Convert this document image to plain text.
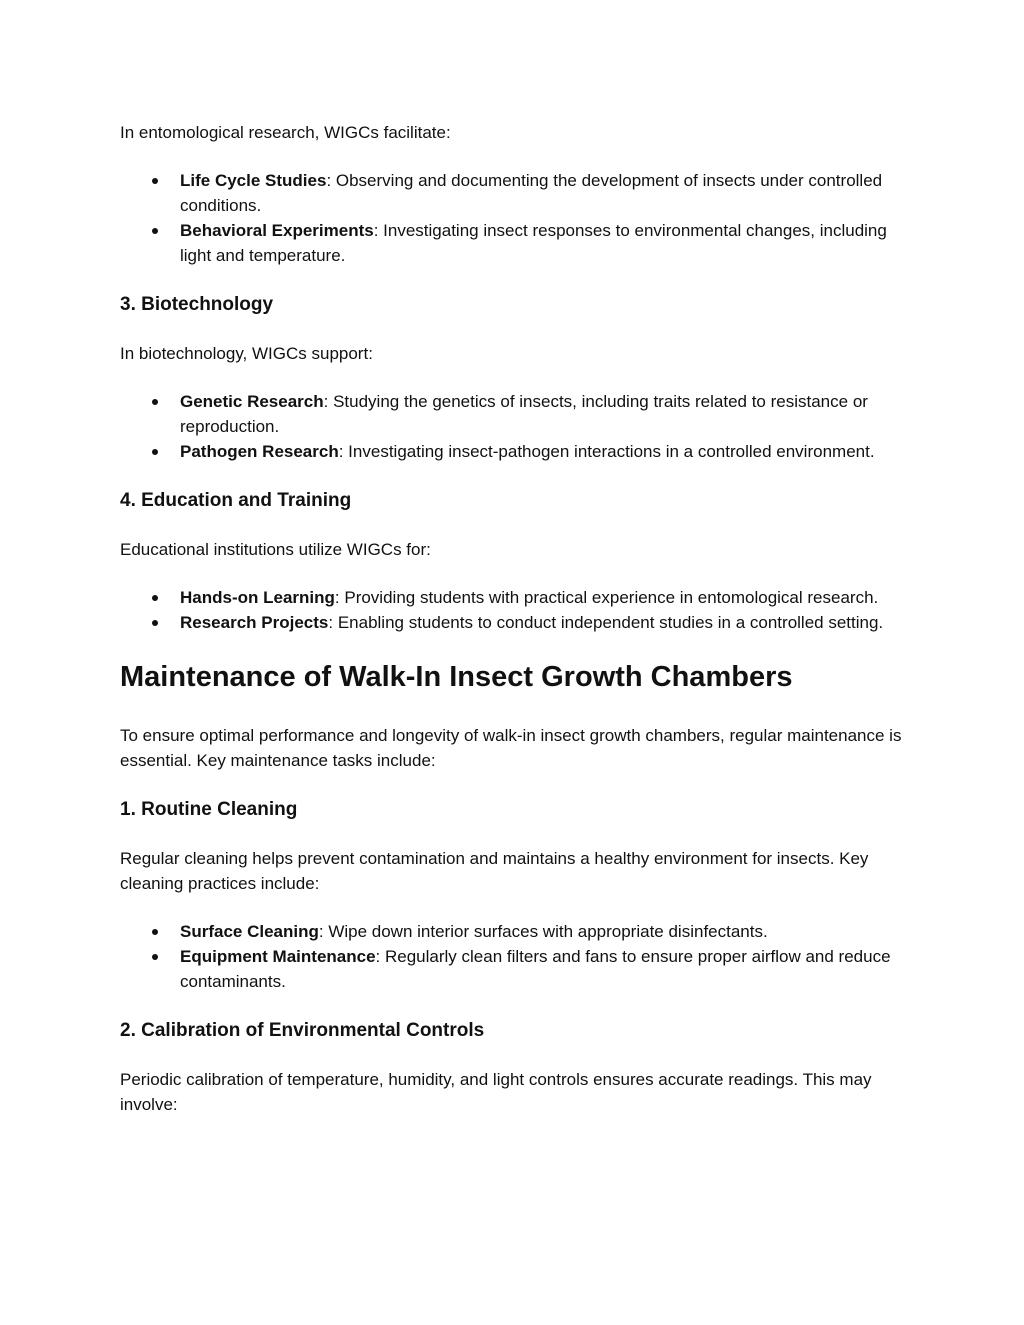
In entomological research, WIGCs facilitate:

Life Cycle Studies: Observing and documenting the development of insects under controlled conditions.
Behavioral Experiments: Investigating insect responses to environmental changes, including light and temperature.
3. Biotechnology

In biotechnology, WIGCs support:

Genetic Research: Studying the genetics of insects, including traits related to resistance or reproduction.
Pathogen Research: Investigating insect-pathogen interactions in a controlled environment.
4. Education and Training

Educational institutions utilize WIGCs for:

Hands-on Learning: Providing students with practical experience in entomological research.
Research Projects: Enabling students to conduct independent studies in a controlled setting.
Maintenance of Walk-In Insect Growth Chambers

To ensure optimal performance and longevity of walk-in insect growth chambers, regular maintenance is essential. Key maintenance tasks include:

1. Routine Cleaning

Regular cleaning helps prevent contamination and maintains a healthy environment for insects. Key cleaning practices include:

Surface Cleaning: Wipe down interior surfaces with appropriate disinfectants.
Equipment Maintenance: Regularly clean filters and fans to ensure proper airflow and reduce contaminants.
2. Calibration of Environmental Controls

Periodic calibration of temperature, humidity, and light controls ensures accurate readings. This may involve:
